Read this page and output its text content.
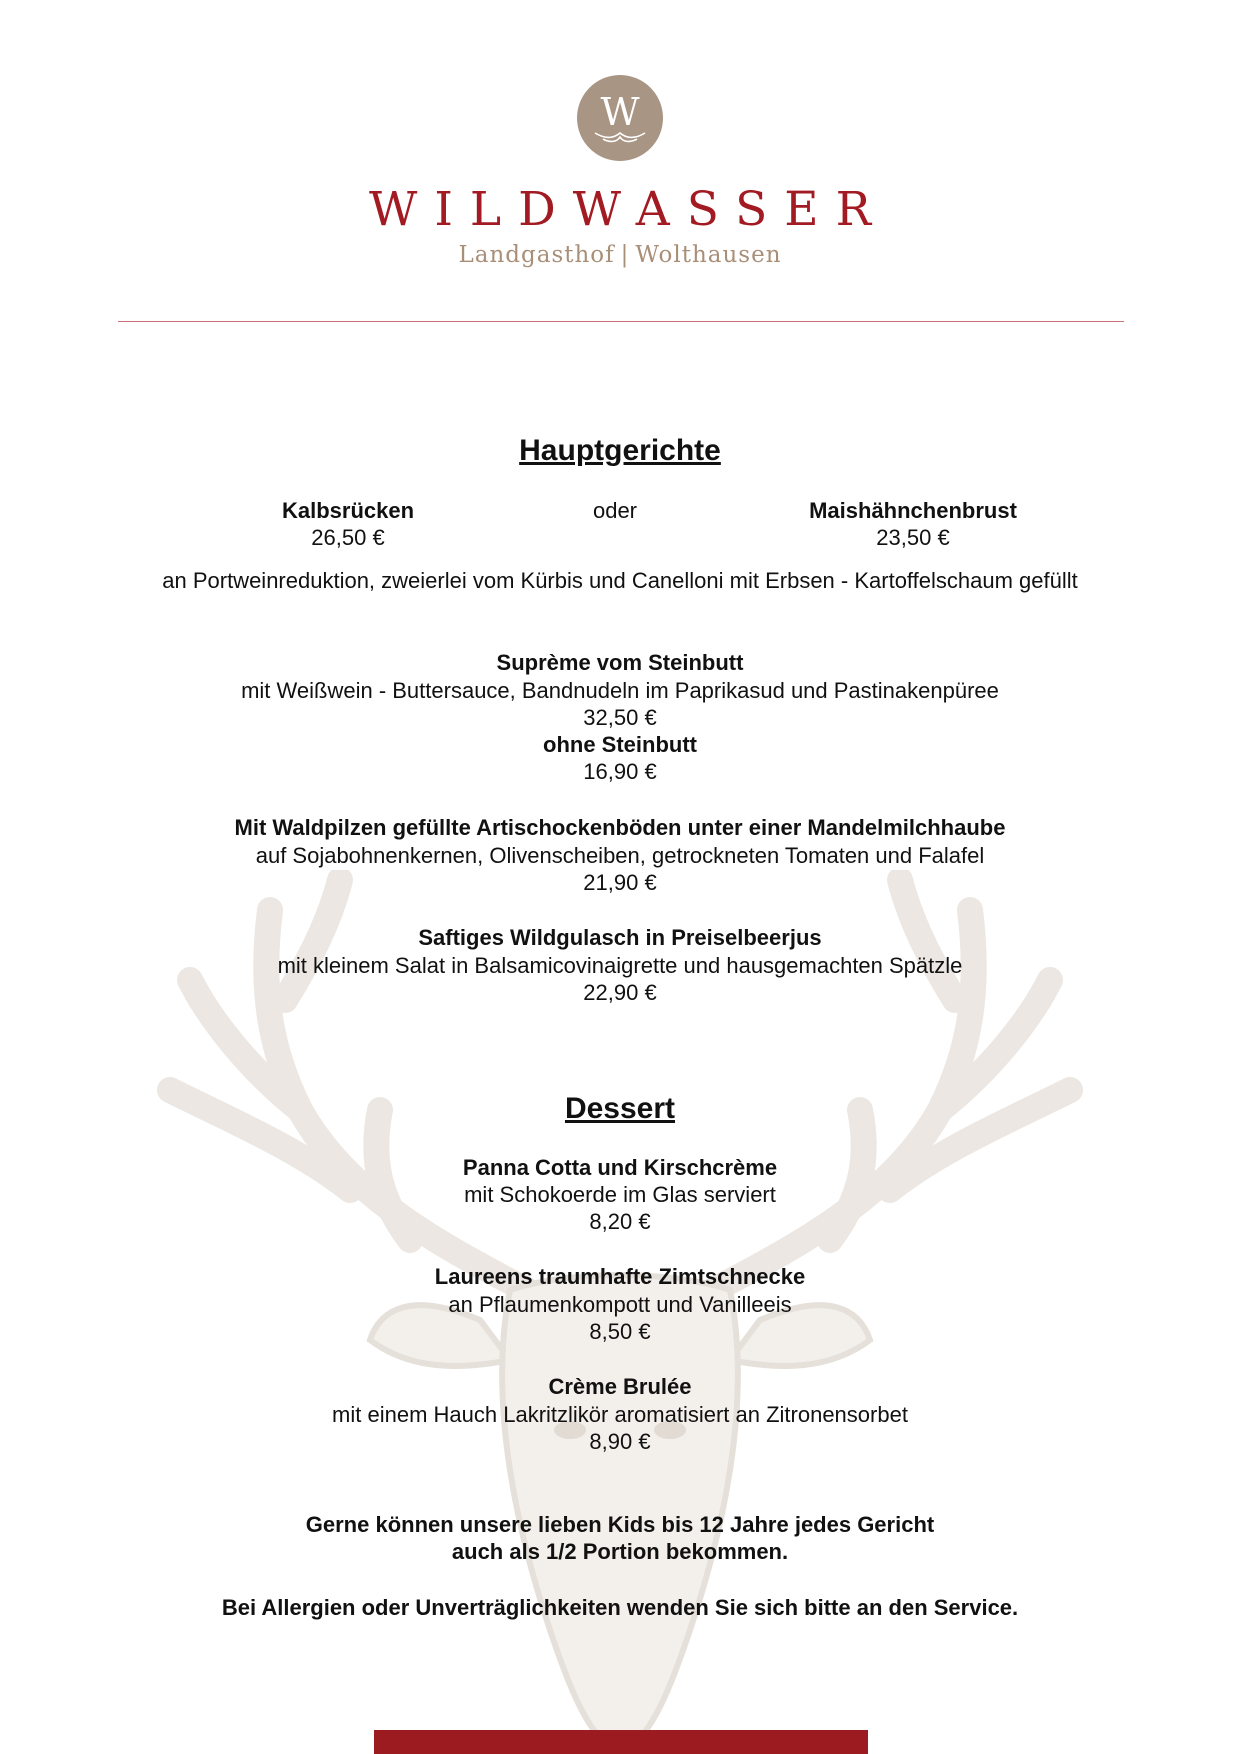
W
WILDWASSER
Landgasthof | Wolthausen
Hauptgerichte
Kalbsrücken
26,50 €
oder	Maishähnchenbrust
23,50 €
an Portweinreduktion, zweierlei vom Kürbis und Canelloni mit Erbsen - Kartoffelschaum gefüllt
Suprème vom Steinbutt
mit Weißwein - Buttersauce, Bandnudeln im Paprikasud und Pastinakenpüree
32,50 €
ohne Steinbutt
16,90 €
Mit Waldpilzen gefüllte Artischockenböden unter einer Mandelmilchhaube
auf Sojabohnenkernen, Olivenscheiben, getrockneten Tomaten und Falafel
21,90 €
Saftiges Wildgulasch in Preiselbeerjus
mit kleinem Salat in Balsamicovinaigrette und hausgemachten Spätzle
22,90 €
Dessert
Panna Cotta und Kirschcrème
mit Schokoerde im Glas serviert
8,20 €
Laureens traumhafte Zimtschnecke
an Pflaumenkompott und Vanilleeis
8,50 €
Crème Brulée
mit einem Hauch Lakritzlikör aromatisiert an Zitronensorbet
8,90 €
Gerne können unsere lieben Kids bis 12 Jahre jedes Gericht
auch als 1/2 Portion bekommen.
Bei Allergien oder Unverträglichkeiten wenden Sie sich bitte an den Service.
